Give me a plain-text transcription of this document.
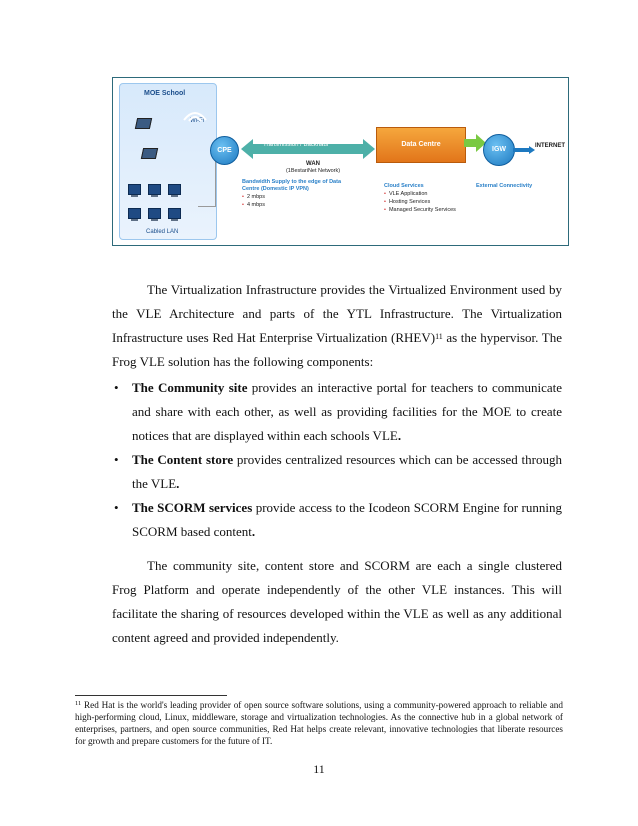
MOE School
Wi-Fi
Cabled LAN
CPE
Transmission / Backhaul	Data Centre
IGW	INTERNET
WAN
(1BestariNet Network)
Bandwidth Supply to the edge of Data Centre (Domestic IP VPN)
• 2 mbps
• 4 mbps
Cloud Services
• VLE Application
• Hosting Services
• Managed Security Services
External Connectivity

The Virtualization Infrastructure provides the Virtualized Environment used by the VLE Architecture and parts of the YTL Infrastructure. The Virtualization Infrastructure uses Red Hat Enterprise Virtualization (RHEV)$^{11}$ as the hypervisor. The Frog VLE solution has the following components:

• The Community site provides an interactive portal for teachers to communicate and share with each other, as well as providing facilities for the MOE to create notices that are displayed within each schools VLE.
• The Content store provides centralized resources which can be accessed through the VLE.
• The SCORM services provide access to the Icodeon SCORM Engine for running SCORM based content.

The community site, content store and SCORM are each a single clustered Frog Platform and operate independently of the other VLE instances. This will facilitate the sharing of resources developed within the VLE as well as any additional content agreed and provided independently.

$^{11}$ Red Hat is the world's leading provider of open source software solutions, using a community-powered approach to reliable and high-performing cloud, Linux, middleware, storage and virtualization technologies. As the connective hub in a global network of enterprises, partners, and open source communities, Red Hat helps create relevant, innovative technologies that liberate resources for growth and prepare customers for the future of IT.

11
